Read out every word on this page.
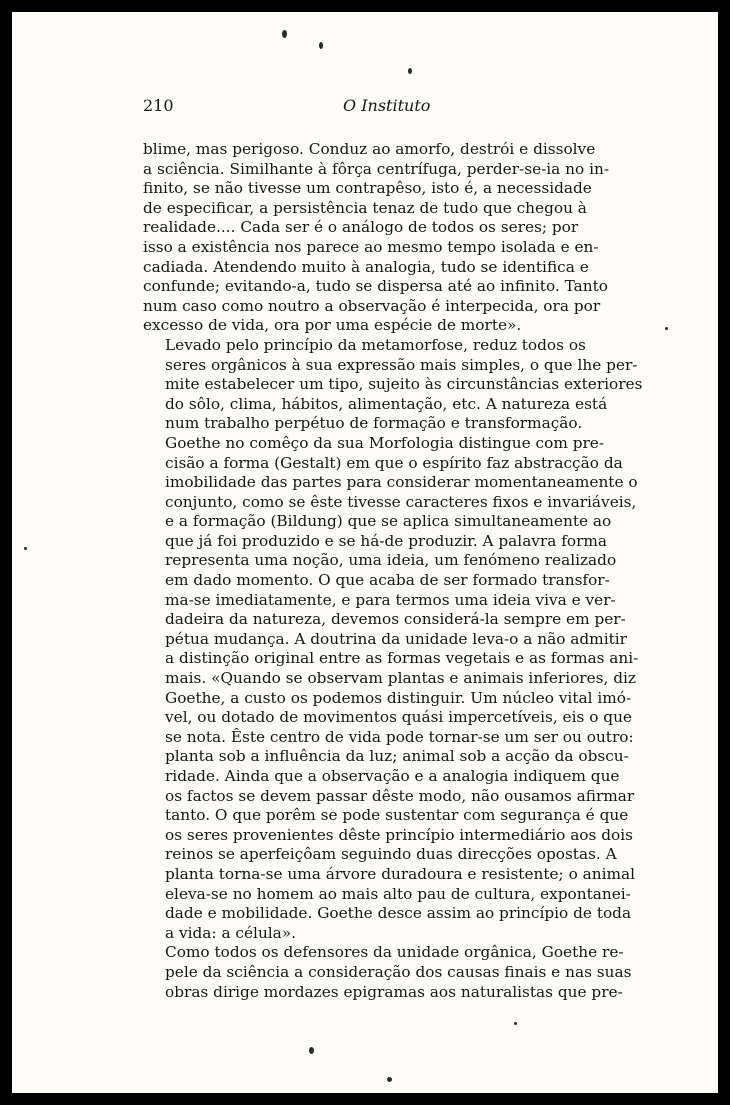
210	O Instituto

blime, mas perigoso. Conduz ao amorfo, destrói e dissolve
a sciência. Similhante à fôrça centrífuga, perder-se-ia no in-
finito, se não tivesse um contrapêso, isto é, a necessidade
de especificar, a persistência tenaz de tudo que chegou à
realidade.... Cada ser é o análogo de todos os seres; por
isso a existência nos parece ao mesmo tempo isolada e en-
cadiada. Atendendo muito à analogia, tudo se identifica e
confunde; evitando-a, tudo se dispersa até ao infinito. Tanto
num caso como noutro a observação é interpecida, ora por
excesso de vida, ora por uma espécie de morte».

Levado pelo princípio da metamorfose, reduz todos os
seres orgânicos à sua expressão mais simples, o que lhe per-
mite estabelecer um tipo, sujeito às circunstâncias exteriores
do sôlo, clima, hábitos, alimentação, etc. A natureza está
num trabalho perpétuo de formação e transformação.

Goethe no comêço da sua Morfologia distingue com pre-
cisão a forma (Gestalt) em que o espírito faz abstracção da
imobilidade das partes para considerar momentaneamente o
conjunto, como se êste tivesse caracteres fixos e invariáveis,
e a formação (Bildung) que se aplica simultaneamente ao
que já foi produzido e se há-de produzir. A palavra forma
representa uma noção, uma ideia, um fenómeno realizado
em dado momento. O que acaba de ser formado transfor-
ma-se imediatamente, e para termos uma ideia viva e ver-
dadeira da natureza, devemos considerá-la sempre em per-
pétua mudança. A doutrina da unidade leva-o a não admitir
a distinção original entre as formas vegetais e as formas ani-
mais. «Quando se observam plantas e animais inferiores, diz
Goethe, a custo os podemos distinguir. Um núcleo vital imó-
vel, ou dotado de movimentos quási impercetíveis, eis o que
se nota. Êste centro de vida pode tornar-se um ser ou outro:
planta sob a influência da luz; animal sob a acção da obscu-
ridade. Ainda que a observação e a analogia indiquem que
os factos se devem passar dêste modo, não ousamos afirmar
tanto. O que porêm se pode sustentar com segurança é que
os seres provenientes dêste princípio intermediário aos dois
reinos se aperfeiçôam seguindo duas direcções opostas. A
planta torna-se uma árvore duradoura e resistente; o animal
eleva-se no homem ao mais alto pau de cultura, expontanei-
dade e mobilidade. Goethe desce assim ao princípio de toda
a vida: a célula».

Como todos os defensores da unidade orgânica, Goethe re-
pele da sciência a consideração dos causas finais e nas suas
obras dirige mordazes epigramas aos naturalistas que pre-
